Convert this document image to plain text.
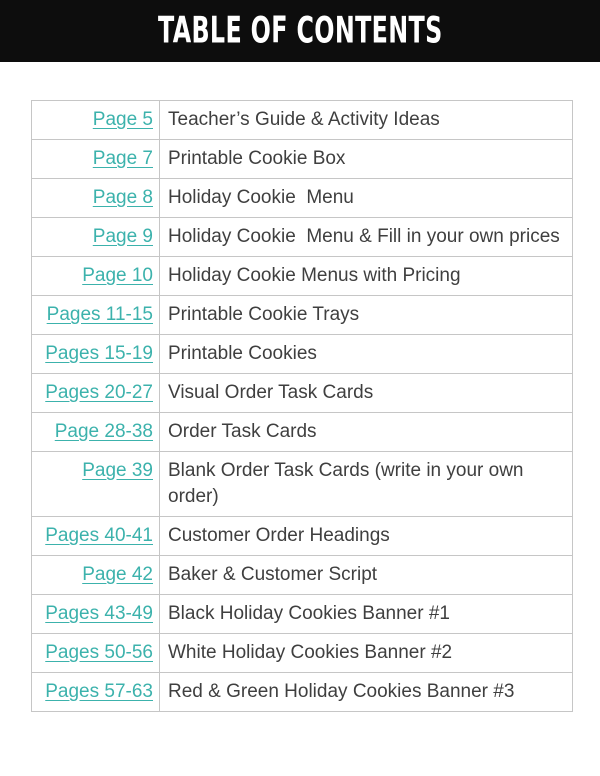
TABLE OF CONTENTS
Page 5	Teacher’s Guide & Activity Ideas
Page 7	Printable Cookie Box
Page 8	Holiday Cookie  Menu
Page 9	Holiday Cookie  Menu & Fill in your own prices
Page 10	Holiday Cookie Menus with Pricing
Pages 11-15	Printable Cookie Trays
Pages 15-19	Printable Cookies
Pages 20-27	Visual Order Task Cards
Page 28-38	Order Task Cards
Page 39	Blank Order Task Cards (write in your own order)
Pages 40-41	Customer Order Headings
Page 42	Baker & Customer Script
Pages 43-49	Black Holiday Cookies Banner #1
Pages 50-56	White Holiday Cookies Banner #2
Pages 57-63	Red & Green Holiday Cookies Banner #3
